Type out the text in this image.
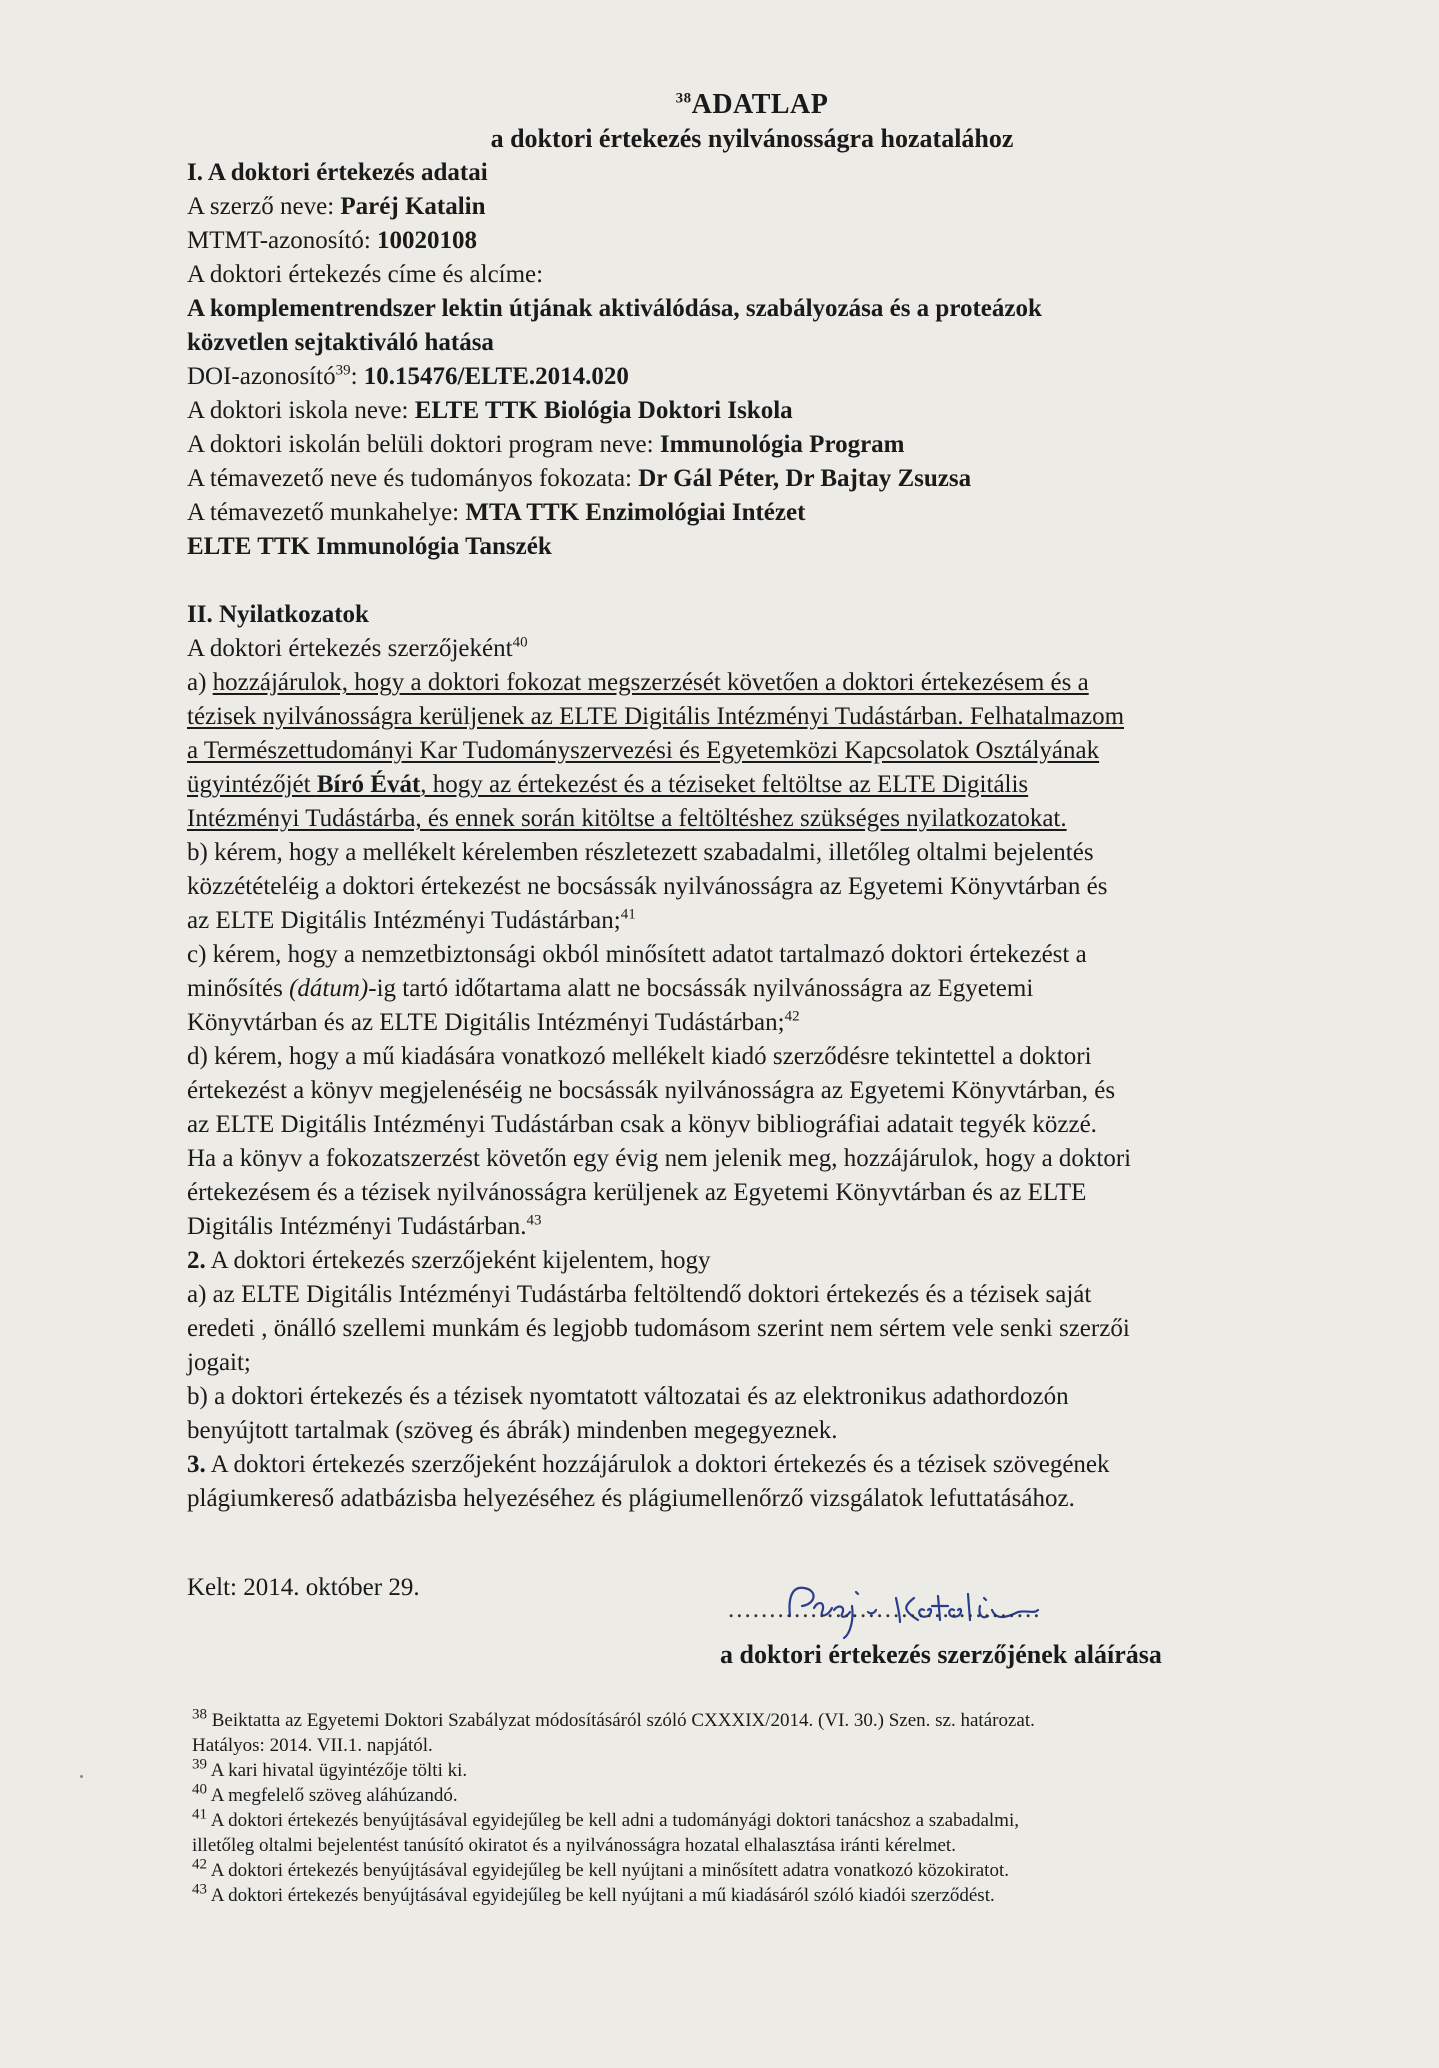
$^{38}$ADATLAP
a doktori értekezés nyilvánosságra hozatalához
I. A doktori értekezés adatai
A szerző neve: Paréj Katalin
MTMT-azonosító: 10020108
A doktori értekezés címe és alcíme:
A komplementrendszer lektin útjának aktiválódása, szabályozása és a proteázok
közvetlen sejtaktiváló hatása
DOI-azonosító$^{39}$: 10.15476/ELTE.2014.020
A doktori iskola neve: ELTE TTK Biológia Doktori Iskola
A doktori iskolán belüli doktori program neve: Immunológia Program
A témavezető neve és tudományos fokozata: Dr Gál Péter, Dr Bajtay Zsuzsa
A témavezető munkahelye: MTA TTK Enzimológiai Intézet
ELTE TTK Immunológia Tanszék
II. Nyilatkozatok
A doktori értekezés szerzőjeként$^{40}$
a) hozzájárulok, hogy a doktori fokozat megszerzését követően a doktori értekezésem és a
tézisek nyilvánosságra kerüljenek az ELTE Digitális Intézményi Tudástárban. Felhatalmazom
a Természettudományi Kar Tudományszervezési és Egyetemközi Kapcsolatok Osztályának
ügyintézőjét Bíró Évát, hogy az értekezést és a téziseket feltöltse az ELTE Digitális
Intézményi Tudástárba, és ennek során kitöltse a feltöltéshez szükséges nyilatkozatokat.
b) kérem, hogy a mellékelt kérelemben részletezett szabadalmi, illetőleg oltalmi bejelentés
közzétételéig a doktori értekezést ne bocsássák nyilvánosságra az Egyetemi Könyvtárban és
az ELTE Digitális Intézményi Tudástárban;$^{41}$
c) kérem, hogy a nemzetbiztonsági okból minősített adatot tartalmazó doktori értekezést a
minősítés (dátum)-ig tartó időtartama alatt ne bocsássák nyilvánosságra az Egyetemi
Könyvtárban és az ELTE Digitális Intézményi Tudástárban;$^{42}$
d) kérem, hogy a mű kiadására vonatkozó mellékelt kiadó szerződésre tekintettel a doktori
értekezést a könyv megjelenéséig ne bocsássák nyilvánosságra az Egyetemi Könyvtárban, és
az ELTE Digitális Intézményi Tudástárban csak a könyv bibliográfiai adatait tegyék közzé.
Ha a könyv a fokozatszerzést követőn egy évig nem jelenik meg, hozzájárulok, hogy a doktori
értekezésem és a tézisek nyilvánosságra kerüljenek az Egyetemi Könyvtárban és az ELTE
Digitális Intézményi Tudástárban.$^{43}$
2. A doktori értekezés szerzőjeként kijelentem, hogy
a) az ELTE Digitális Intézményi Tudástárba feltöltendő doktori értekezés és a tézisek saját
eredeti , önálló szellemi munkám és legjobb tudomásom szerint nem sértem vele senki szerzői
jogait;
b) a doktori értekezés és a tézisek nyomtatott változatai és az elektronikus adathordozón
benyújtott tartalmak (szöveg és ábrák) mindenben megegyeznek.
3. A doktori értekezés szerzőjeként hozzájárulok a doktori értekezés és a tézisek szövegének
plágiumkereső adatbázisba helyezéséhez és plágiumellenőrző vizsgálatok lefuttatásához.
Kelt: 2014. október 29.
......................................
a doktori értekezés szerzőjének aláírása
$^{38}$ Beiktatta az Egyetemi Doktori Szabályzat módosításáról szóló CXXXIX/2014. (VI. 30.) Szen. sz. határozat.
Hatályos: 2014. VII.1. napjától.
$^{39}$ A kari hivatal ügyintézője tölti ki.
$^{40}$ A megfelelő szöveg aláhúzandó.
$^{41}$ A doktori értekezés benyújtásával egyidejűleg be kell adni a tudományági doktori tanácshoz a szabadalmi,
illetőleg oltalmi bejelentést tanúsító okiratot és a nyilvánosságra hozatal elhalasztása iránti kérelmet.
$^{42}$ A doktori értekezés benyújtásával egyidejűleg be kell nyújtani a minősített adatra vonatkozó közokiratot.
$^{43}$ A doktori értekezés benyújtásával egyidejűleg be kell nyújtani a mű kiadásáról szóló kiadói szerződést.
